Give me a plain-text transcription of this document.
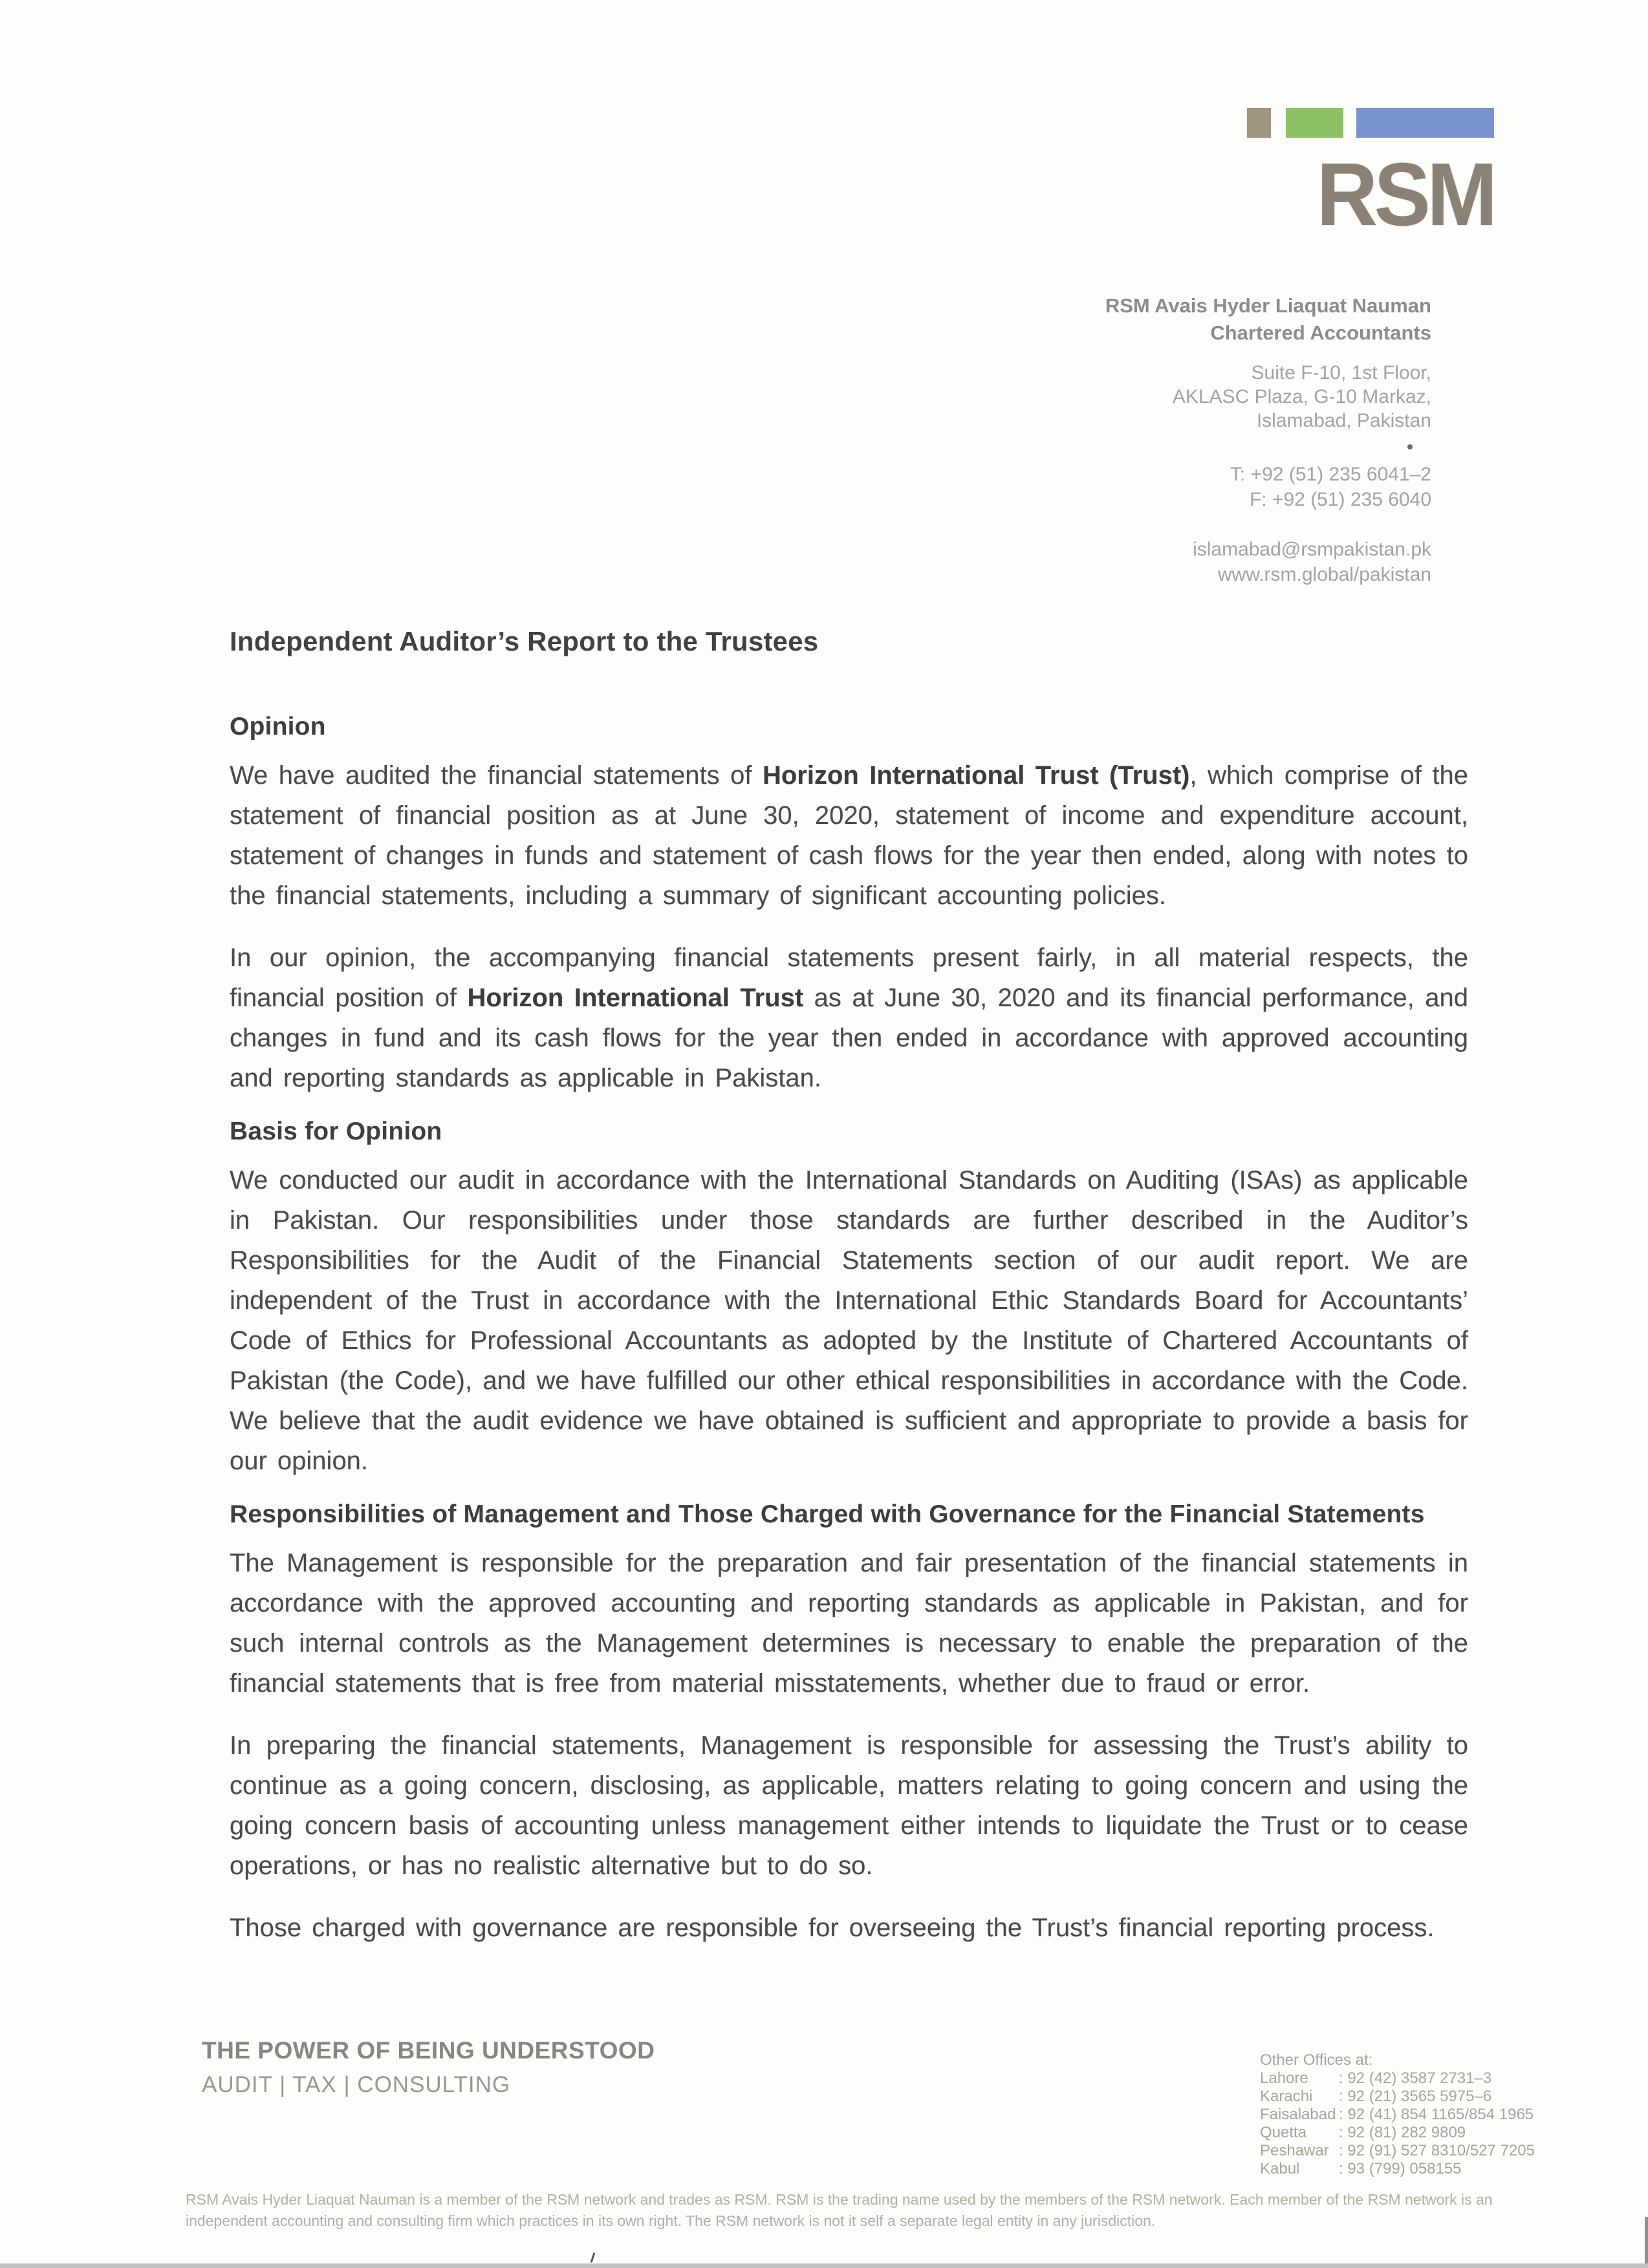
RSM
RSM Avais Hyder Liaquat Nauman
Chartered Accountants
Suite F-10, 1st Floor,
AKLASC Plaza, G-10 Markaz,
Islamabad, Pakistan
T: +92 (51) 235 6041–2
F: +92 (51) 235 6040
islamabad@rsmpakistan.pk
www.rsm.global/pakistan
Independent Auditor’s Report to the Trustees
Opinion

We have audited the financial statements of Horizon International Trust (Trust), which comprise of the statement of financial position as at June 30, 2020, statement of income and expenditure account, statement of changes in funds and statement of cash flows for the year then ended, along with notes to the financial statements, including a summary of significant accounting policies.

In our opinion, the accompanying financial statements present fairly, in all material respects, the financial position of Horizon International Trust as at June 30, 2020 and its financial performance, and changes in fund and its cash flows for the year then ended in accordance with approved accounting and reporting standards as applicable in Pakistan.

Basis for Opinion

We conducted our audit in accordance with the International Standards on Auditing (ISAs) as applicable in Pakistan. Our responsibilities under those standards are further described in the Auditor’s Responsibilities for the Audit of the Financial Statements section of our audit report. We are independent of the Trust in accordance with the International Ethic Standards Board for Accountants’ Code of Ethics for Professional Accountants as adopted by the Institute of Chartered Accountants of Pakistan (the Code), and we have fulfilled our other ethical responsibilities in accordance with the Code. We believe that the audit evidence we have obtained is sufficient and appropriate to provide a basis for our opinion.

Responsibilities of Management and Those Charged with Governance for the Financial Statements

The Management is responsible for the preparation and fair presentation of the financial statements in accordance with the approved accounting and reporting standards as applicable in Pakistan, and for such internal controls as the Management determines is necessary to enable the preparation of the financial statements that is free from material misstatements, whether due to fraud or error.

In preparing the financial statements, Management is responsible for assessing the Trust’s ability to continue as a going concern, disclosing, as applicable, matters relating to going concern and using the going concern basis of accounting unless management either intends to liquidate the Trust or to cease operations, or has no realistic alternative but to do so.

Those charged with governance are responsible for overseeing the Trust’s financial reporting process.

THE POWER OF BEING UNDERSTOOD
AUDIT | TAX | CONSULTING
Other Offices at:
Lahore	: 92 (42) 3587 2731–3
Karachi	: 92 (21) 3565 5975–6
Faisalabad : 92 (41) 854 1165/854 1965
Quetta	: 92 (81) 282 9809
Peshawar : 92 (91) 527 8310/527 7205
Kabul	: 93 (799) 058155
RSM Avais Hyder Liaquat Nauman is a member of the RSM network and trades as RSM. RSM is the trading name used by the members of the RSM network. Each member of the RSM network is an independent accounting and consulting firm which practices in its own right. The RSM network is not it self a separate legal entity in any jurisdiction.
